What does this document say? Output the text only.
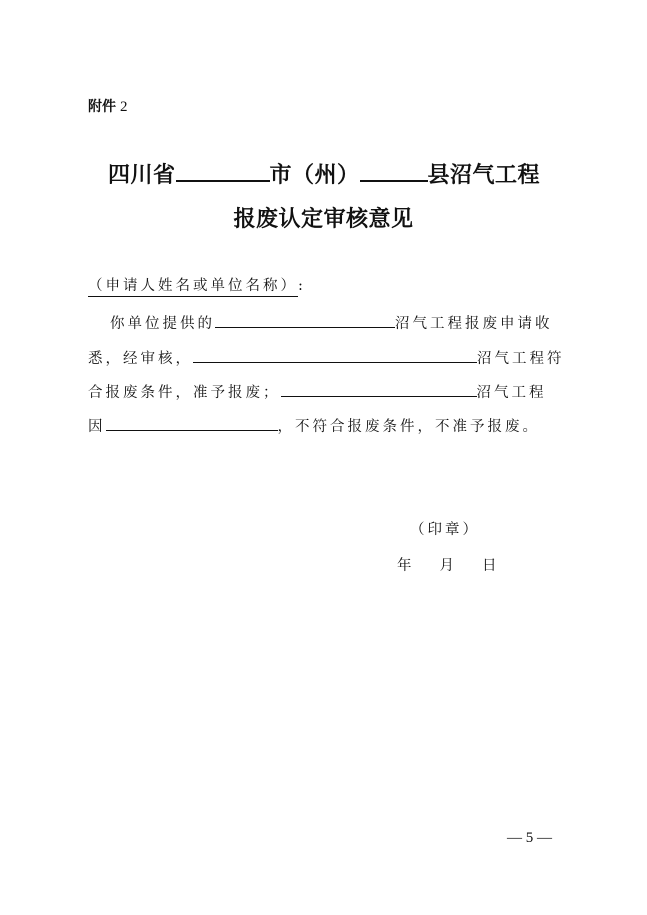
附件 2
四川省	市（州）	县沼气工程
报废认定审核意见
（申请人姓名或单位名称）:
你单位提供的	沼气工程报废申请收
悉，经审核，	沼气工程符
合报废条件，准予报废；	沼气工程
因	，不符合报废条件，不准予报废。
（印章）
年 月 日
— 5 —
